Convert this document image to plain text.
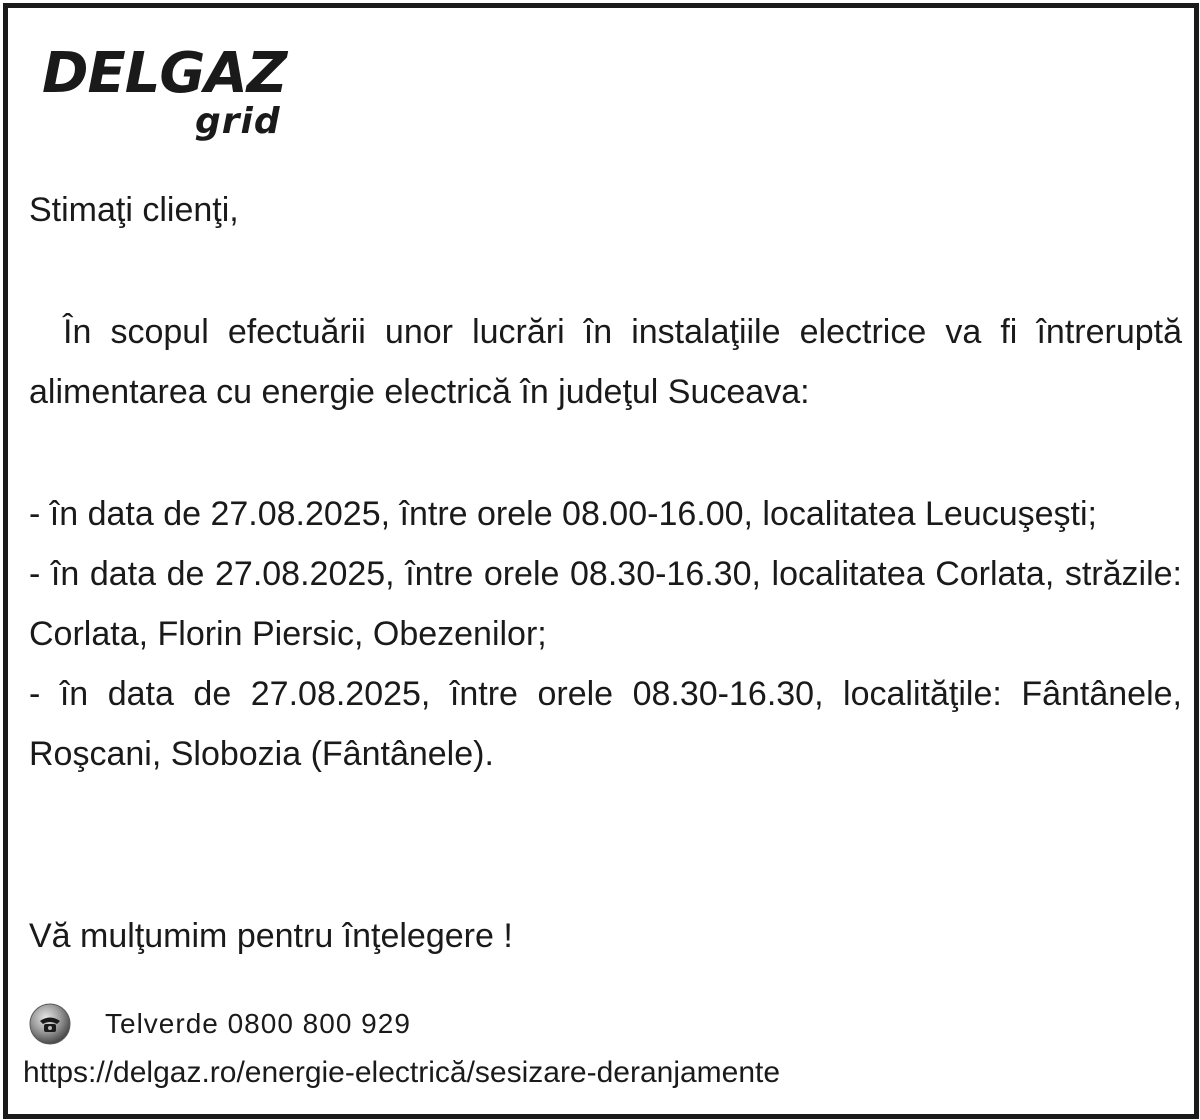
DELGAZ
grid
Stimaţi clienţi,
În scopul efectuării unor lucrări în instalaţiile electrice va fi întreruptă alimentarea cu energie electrică în judeţul Suceava:
- în data de 27.08.2025, între orele 08.00-16.00, localitatea Leucuşeşti;
- în data de 27.08.2025, între orele 08.30-16.30, localitatea Corlata, străzile: Corlata, Florin Piersic, Obezenilor;
- în data de 27.08.2025, între orele 08.30-16.30, localităţile: Fântânele, Roşcani, Slobozia (Fântânele).
Vă mulţumim pentru înţelegere !
Telverde 0800 800 929
https://delgaz.ro/energie-electrică/sesizare-deranjamente
